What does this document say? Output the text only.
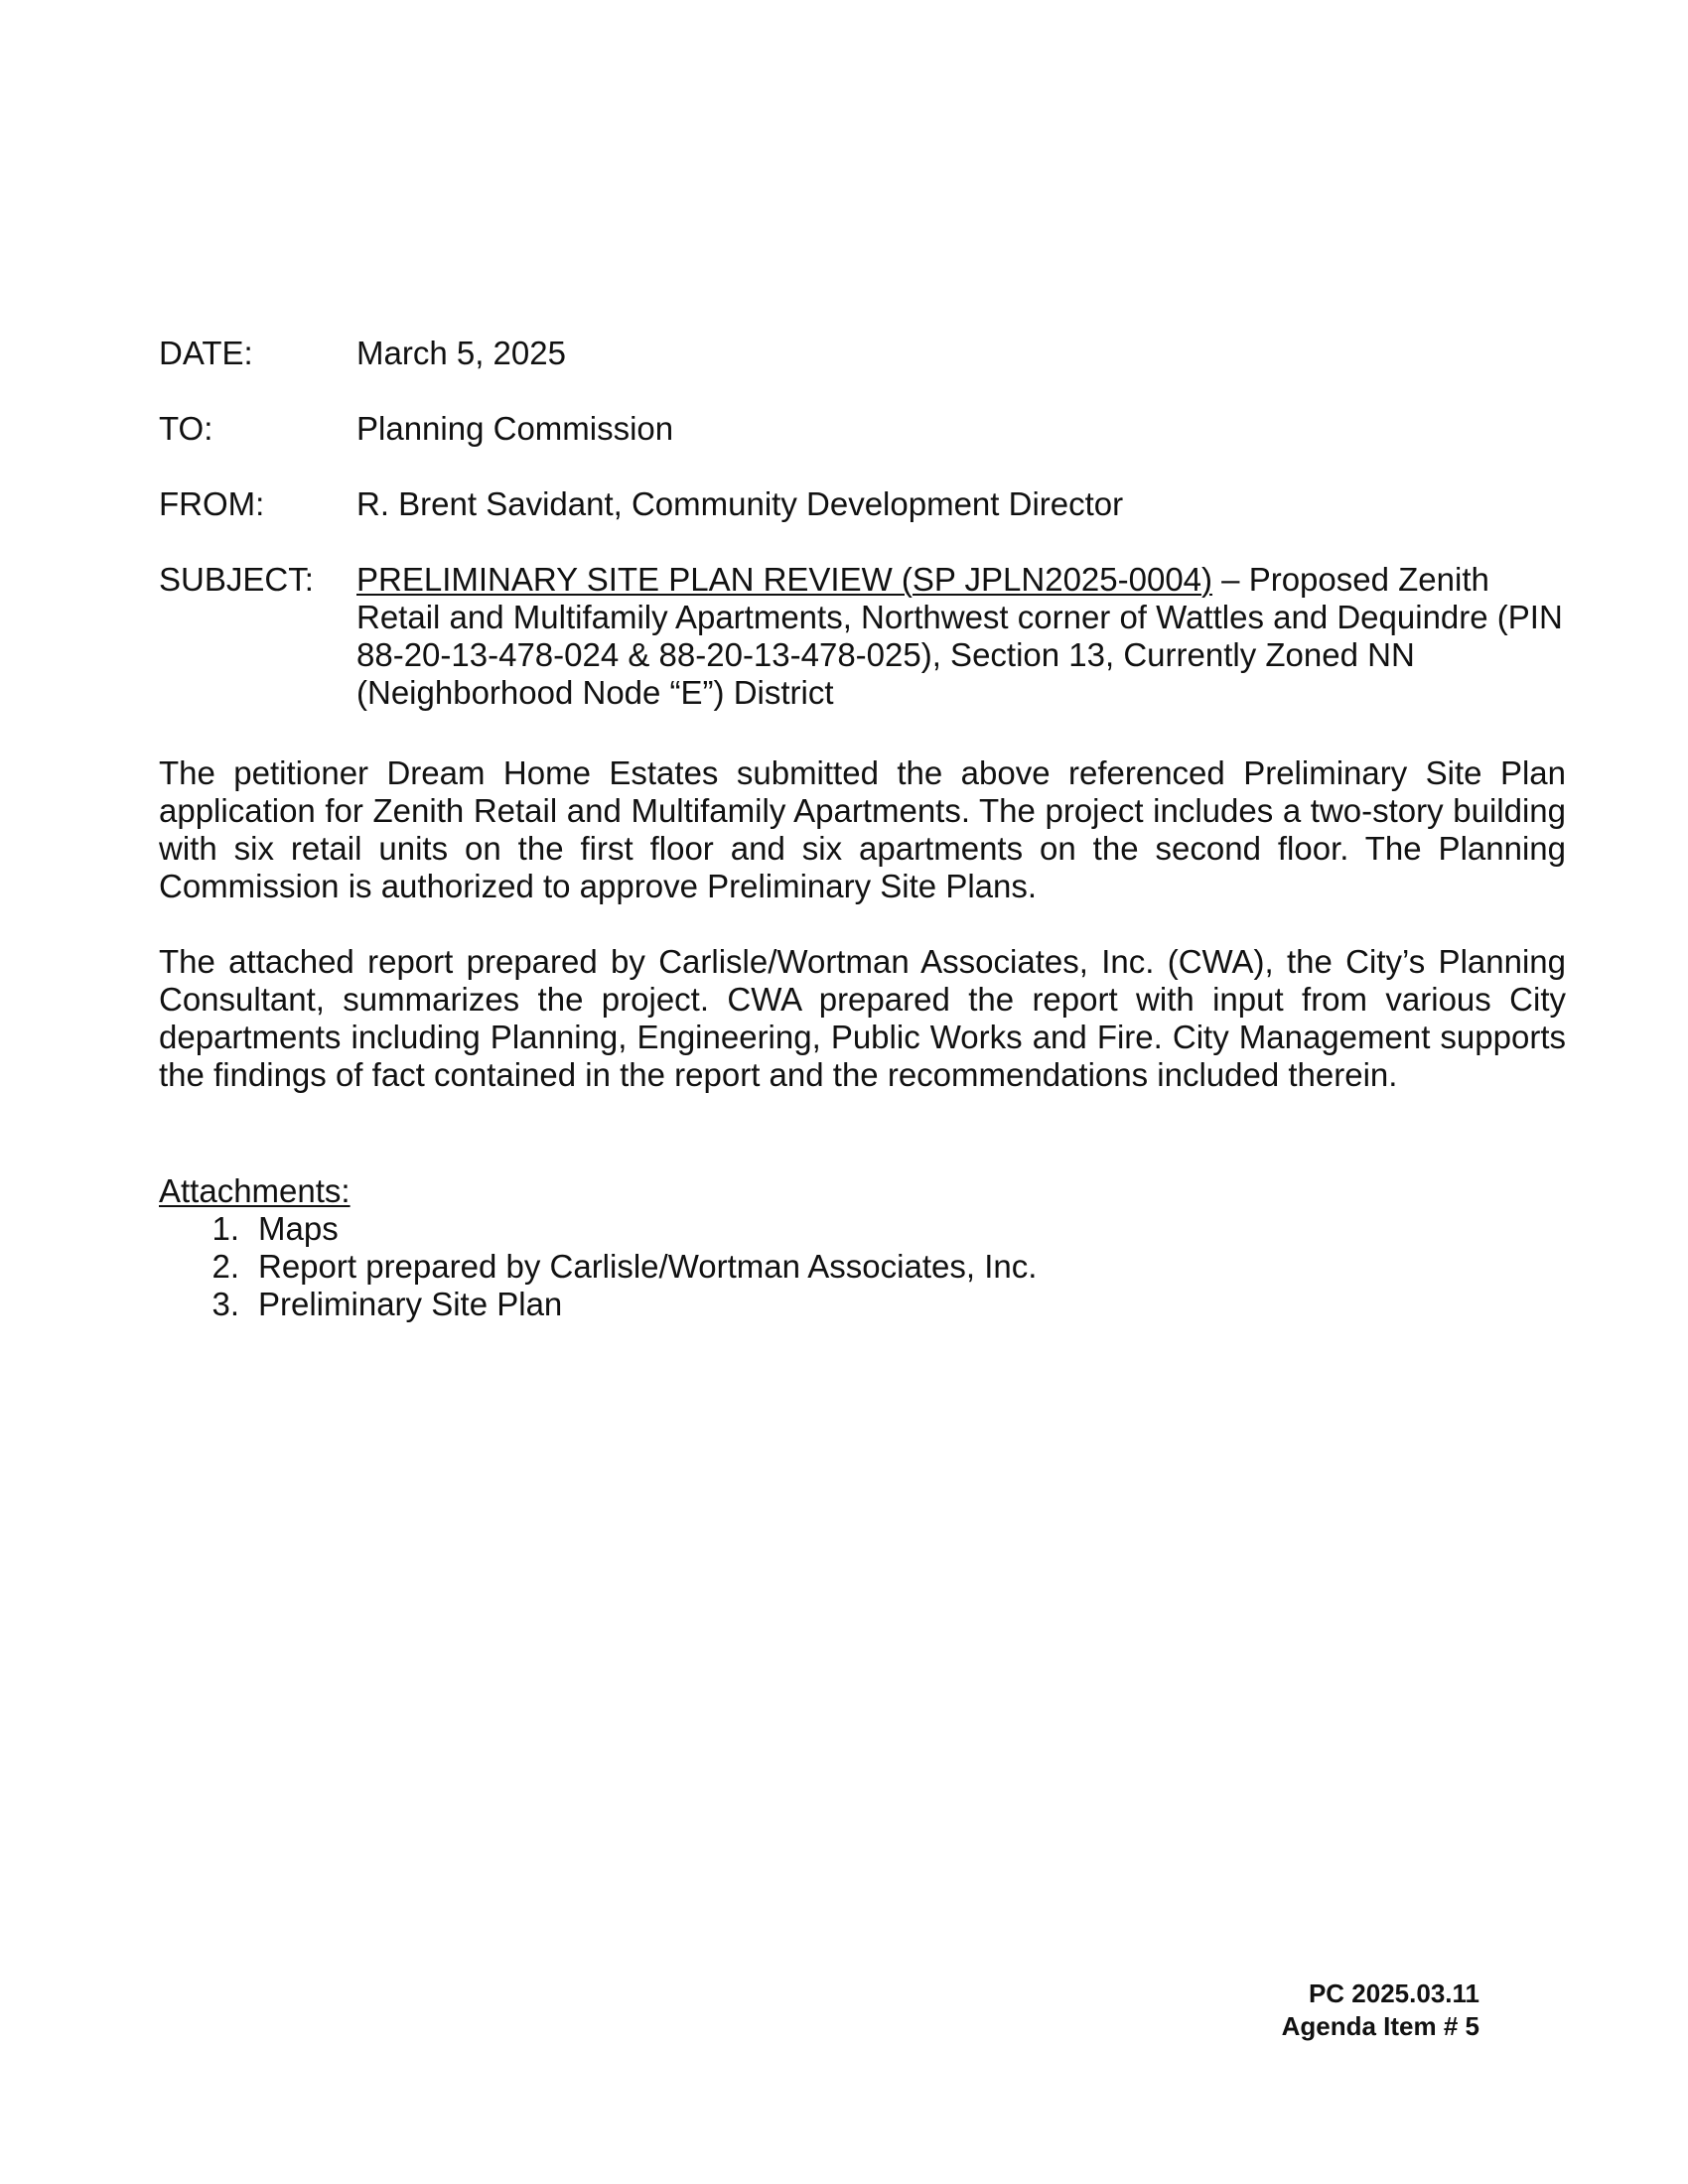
DATE:	March 5, 2025
TO:	Planning Commission
FROM:	R. Brent Savidant, Community Development Director
SUBJECT:	PRELIMINARY SITE PLAN REVIEW (SP JPLN2025-0004) – Proposed Zenith Retail and Multifamily Apartments, Northwest corner of Wattles and Dequindre (PIN 88-20-13-478-024 & 88-20-13-478-025), Section 13, Currently Zoned NN (Neighborhood Node “E”) District

The petitioner Dream Home Estates submitted the above referenced Preliminary Site Plan application for Zenith Retail and Multifamily Apartments. The project includes a two-story building with six retail units on the first floor and six apartments on the second floor. The Planning Commission is authorized to approve Preliminary Site Plans.

The attached report prepared by Carlisle/Wortman Associates, Inc. (CWA), the City’s Planning Consultant, summarizes the project. CWA prepared the report with input from various City departments including Planning, Engineering, Public Works and Fire. City Management supports the findings of fact contained in the report and the recommendations included therein.

Attachments:
1. Maps
2. Report prepared by Carlisle/Wortman Associates, Inc.
3. Preliminary Site Plan
PC 2025.03.11
Agenda Item # 5
